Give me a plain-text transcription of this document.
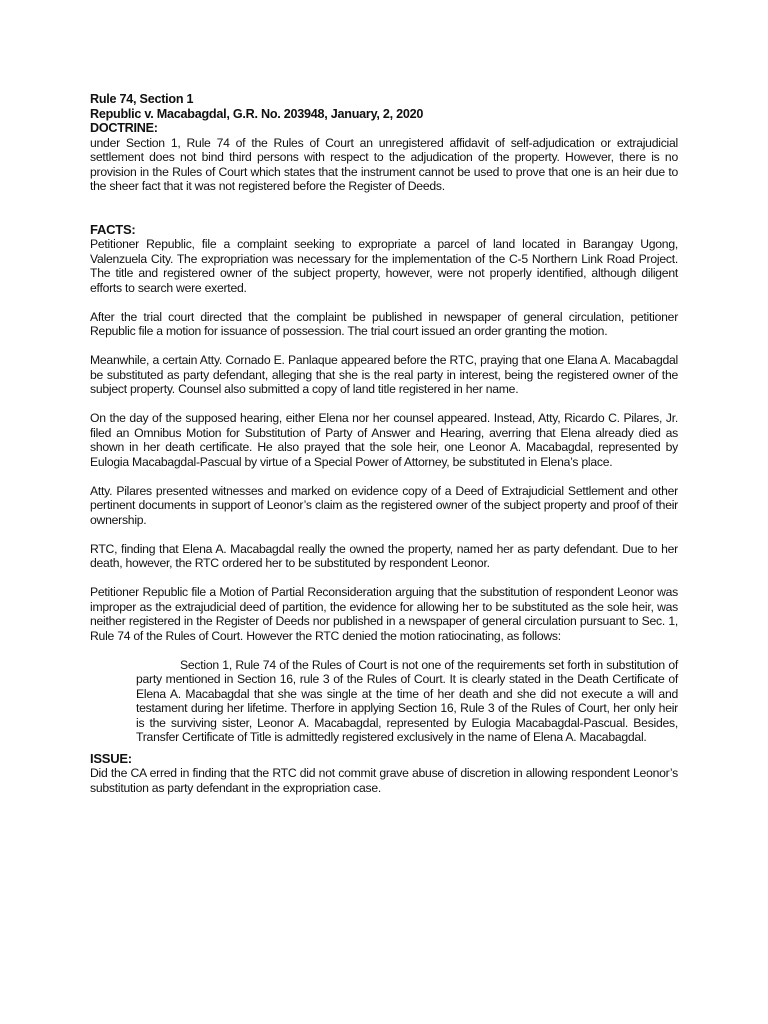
Rule 74, Section 1
Republic v. Macabagdal, G.R. No. 203948, January, 2, 2020
DOCTRINE:

under Section 1, Rule 74 of the Rules of Court an unregistered affidavit of self-adjudication or extrajudicial settlement does not bind third persons with respect to the adjudication of the property. However, there is no provision in the Rules of Court which states that the instrument cannot be used to prove that one is an heir due to the sheer fact that it was not registered before the Register of Deeds.

FACTS:

Petitioner Republic, file a complaint seeking to expropriate a parcel of land located in Barangay Ugong, Valenzuela City. The expropriation was necessary for the implementation of the C-5 Northern Link Road Project. The title and registered owner of the subject property, however, were not properly identified, although diligent efforts to search were exerted.

After the trial court directed that the complaint be published in newspaper of general circulation, petitioner Republic file a motion for issuance of possession. The trial court issued an order granting the motion.

Meanwhile, a certain Atty. Cornado E. Panlaque appeared before the RTC, praying that one Elana A. Macabagdal be substituted as party defendant, alleging that she is the real party in interest, being the registered owner of the subject property. Counsel also submitted a copy of land title registered in her name.

On the day of the supposed hearing, either Elena nor her counsel appeared. Instead, Atty, Ricardo C. Pilares, Jr. filed an Omnibus Motion for Substitution of Party of Answer and Hearing, averring that Elena already died as shown in her death certificate. He also prayed that the sole heir, one Leonor A. Macabagdal, represented by Eulogia Macabagdal-Pascual by virtue of a Special Power of Attorney, be substituted in Elena’s place.

Atty. Pilares presented witnesses and marked on evidence copy of a Deed of Extrajudicial Settlement and other pertinent documents in support of Leonor’s claim as the registered owner of the subject property and proof of their ownership.

RTC, finding that Elena A. Macabagdal really the owned the property, named her as party defendant. Due to her death, however, the RTC ordered her to be substituted by respondent Leonor.

Petitioner Republic file a Motion of Partial Reconsideration arguing that the substitution of respondent Leonor was improper as the extrajudicial deed of partition, the evidence for allowing her to be substituted as the sole heir, was neither registered in the Register of Deeds nor published in a newspaper of general circulation pursuant to Sec. 1, Rule 74 of the Rules of Court. However the RTC denied the motion ratiocinating, as follows:

Section 1, Rule 74 of the Rules of Court is not one of the requirements set forth in substitution of party mentioned in Section 16, rule 3 of the Rules of Court. It is clearly stated in the Death Certificate of Elena A. Macabagdal that she was single at the time of her death and she did not execute a will and testament during her lifetime. Therfore in applying Section 16, Rule 3 of the Rules of Court, her only heir is the surviving sister, Leonor A. Macabagdal, represented by Eulogia Macabagdal-Pascual. Besides, Transfer Certificate of Title is admittedly registered exclusively in the name of Elena A. Macabagdal.

ISSUE:

Did the CA erred in finding that the RTC did not commit grave abuse of discretion in allowing respondent Leonor’s substitution as party defendant in the expropriation case.
